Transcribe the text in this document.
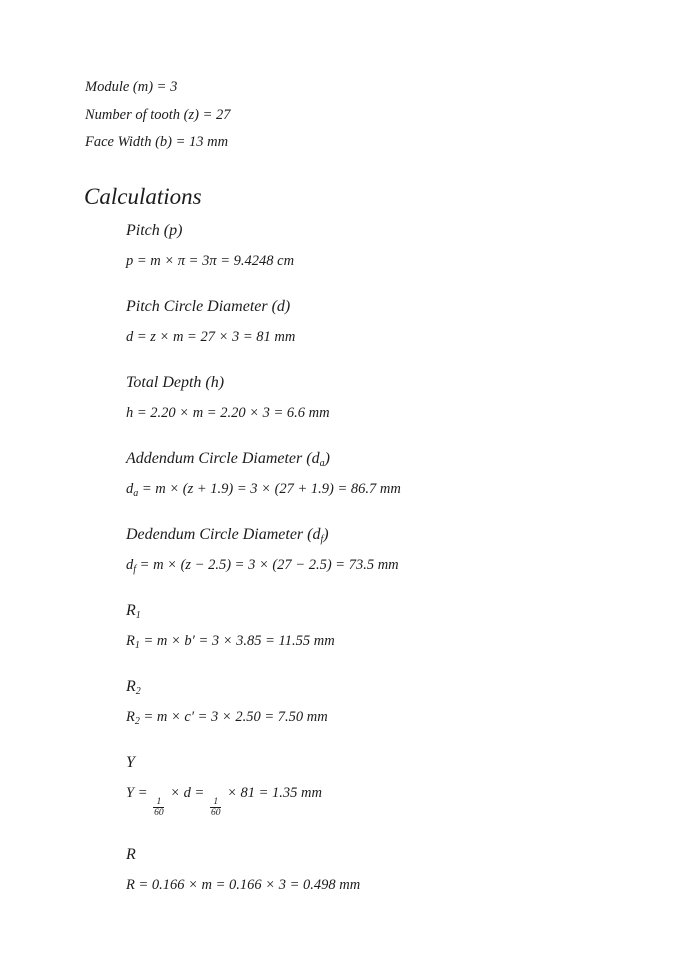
Module (m) = 3
Number of tooth (z) = 27
Face Width (b) = 13 mm
Calculations
Pitch (p)
p = m × π = 3π = 9.4248 cm
Pitch Circle Diameter (d)
d = z × m = 27 × 3 = 81 mm
Total Depth (h)
h = 2.20 × m = 2.20 × 3 = 6.6 mm
Addendum Circle Diameter $(d_a)$
$d_a = m \times (z + 1.9) = 3 \times (27 + 1.9) = 86.7$ mm
Dedendum Circle Diameter $(d_f)$
$d_f = m \times (z - 2.5) = 3 \times (27 - 2.5) = 73.5$ mm
$R_1$
$R_1 = m \times b' = 3 \times 3.85 = 11.55$ mm
$R_2$
$R_2 = m \times c' = 3 \times 2.50 = 7.50$ mm
Y
Y =
$\frac{1}{60}$
× d =
$\frac{1}{60}$
× 81 = 1.35 mm
R
R = 0.166 × m = 0.166 × 3 = 0.498 mm
